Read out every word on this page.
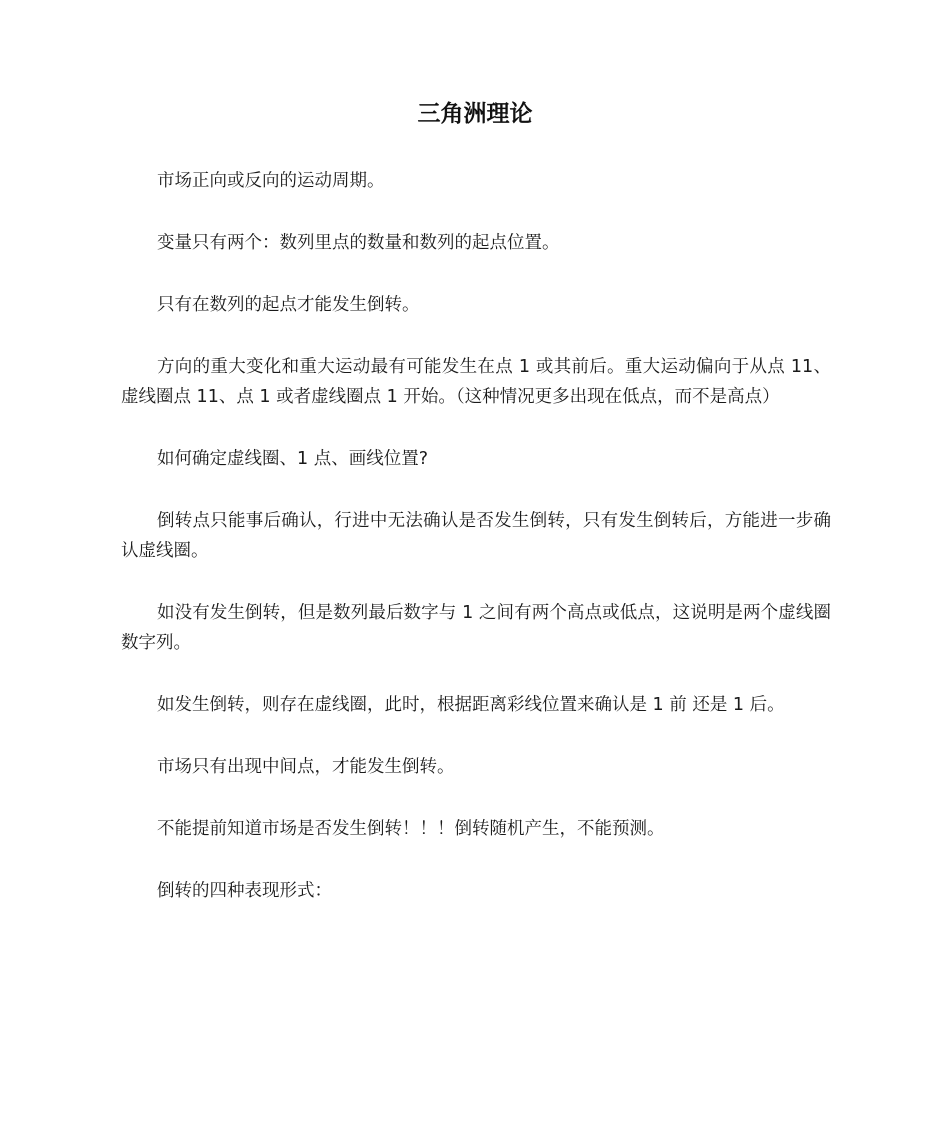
三角洲理论

市场正向或反向的运动周期。

变量只有两个：数列里点的数量和数列的起点位置。

只有在数列的起点才能发生倒转。

方向的重大变化和重大运动最有可能发生在点 1 或其前后。重大运动偏向于从点 11、虚线圈点 11、点 1 或者虚线圈点 1 开始。（这种情况更多出现在低点，而不是高点）

如何确定虚线圈、1 点、画线位置?

倒转点只能事后确认，行进中无法确认是否发生倒转，只有发生倒转后，方能进一步确认虚线圈。

如没有发生倒转，但是数列最后数字与 1 之间有两个高点或低点，这说明是两个虚线圈数字列。

如发生倒转，则存在虚线圈，此时，根据距离彩线位置来确认是 1 前 还是 1 后。

市场只有出现中间点，才能发生倒转。

不能提前知道市场是否发生倒转！！！倒转随机产生，不能预测。

倒转的四种表现形式：
